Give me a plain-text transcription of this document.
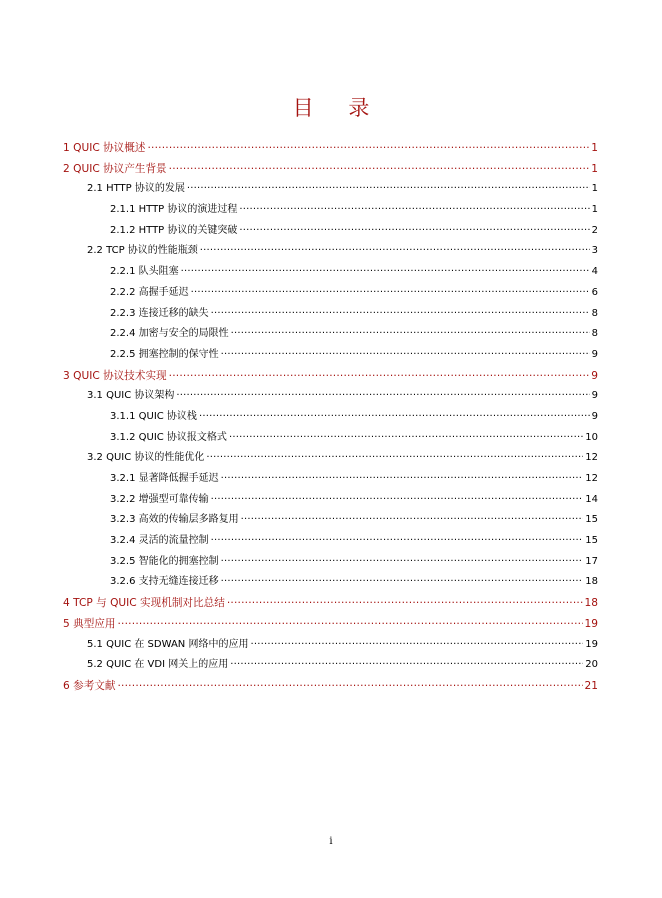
目 录
1 QUIC 协议概述 ·····	1
2 QUIC 协议产生背景 ·····	1
2.1 HTTP 协议的发展 ·····	1
2.1.1 HTTP 协议的演进过程 ·····	1
2.1.2 HTTP 协议的关键突破 ·····	2
2.2 TCP 协议的性能瓶颈 ·····	3
2.2.1 队头阻塞 ·····	4
2.2.2 高握手延迟 ·····	6
2.2.3 连接迁移的缺失 ·····	8
2.2.4 加密与安全的局限性 ·····	8
2.2.5 拥塞控制的保守性 ·····	9
3 QUIC 协议技术实现 ·····	9
3.1 QUIC 协议架构 ·····	9
3.1.1 QUIC 协议栈 ·····	9
3.1.2 QUIC 协议报文格式 ·····	10
3.2 QUIC 协议的性能优化 ·····	12
3.2.1 显著降低握手延迟 ·····	12
3.2.2 增强型可靠传输 ·····	14
3.2.3 高效的传输层多路复用 ·····	15
3.2.4 灵活的流量控制 ·····	15
3.2.5 智能化的拥塞控制 ·····	17
3.2.6 支持无缝连接迁移 ·····	18
4 TCP 与 QUIC 实现机制对比总结 ·····	18
5 典型应用 ·····	19
5.1 QUIC 在 SDWAN 网络中的应用 ·····	19
5.2 QUIC 在 VDI 网关上的应用 ·····	20
6 参考文献 ·····	21
i
